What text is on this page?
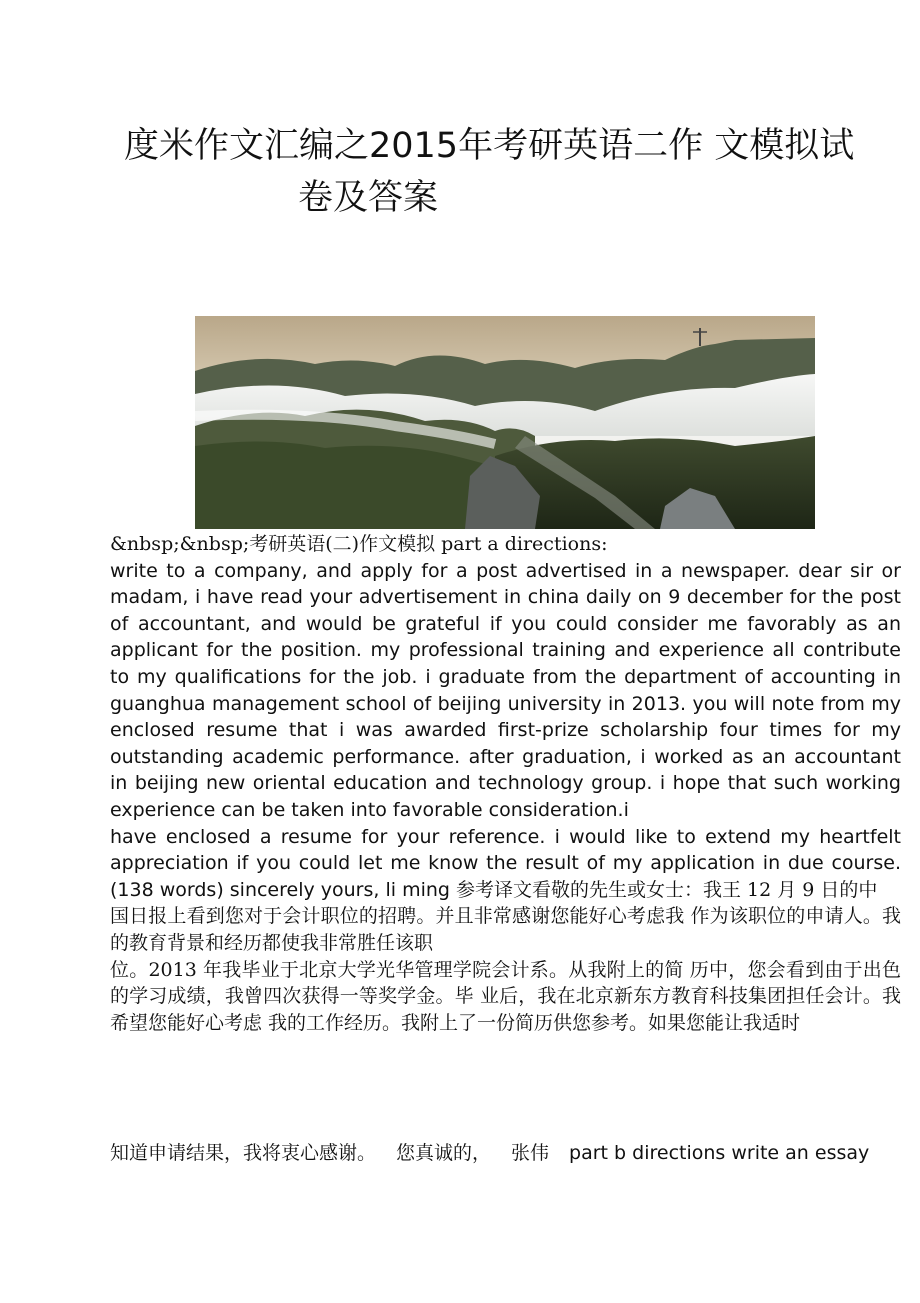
度米作文汇编之2015年考研英语二作 文模拟试
卷及答案

&nbsp;&nbsp;考研英语(二)作文模拟 part a directions:

write to a company, and apply for a post advertised in a newspaper. dear sir or madam, i have read your advertisement in china daily on 9 december for the post of accountant, and would be grateful if you could consider me favorably as an applicant for the position. my professional training and experience all contribute to my qualifications for the job. i graduate from the department of accounting in guanghua management school of beijing university in 2013. you will note from my enclosed resume that i was awarded first-prize scholarship four times for my outstanding academic performance. after graduation, i worked as an accountant in beijing new oriental education and technology group. i hope that such working experience can be taken into favorable consideration.i

have enclosed a resume for your reference. i would like to extend my heartfelt appreciation if you could let me know the result of my application in due course. (138 words) sincerely yours, li ming 参考译文看敬的先生或女士：我王 12 月 9 日的中

国日报上看到您对于会计职位的招聘。并且非常感谢您能好心考虑我 作为该职位的申请人。我的教育背景和经历都使我非常胜任该职

位。2013 年我毕业于北京大学光华管理学院会计系。从我附上的简 历中，您会看到由于出色的学习成绩，我曾四次获得一等奖学金。毕 业后，我在北京新东方教育科技集团担任会计。我希望您能好心考虑 我的工作经历。我附上了一份简历供您参考。如果您能让我适时

知道申请结果，我将衷心感谢。 您真诚的， 张伟 part b directions write an essay
